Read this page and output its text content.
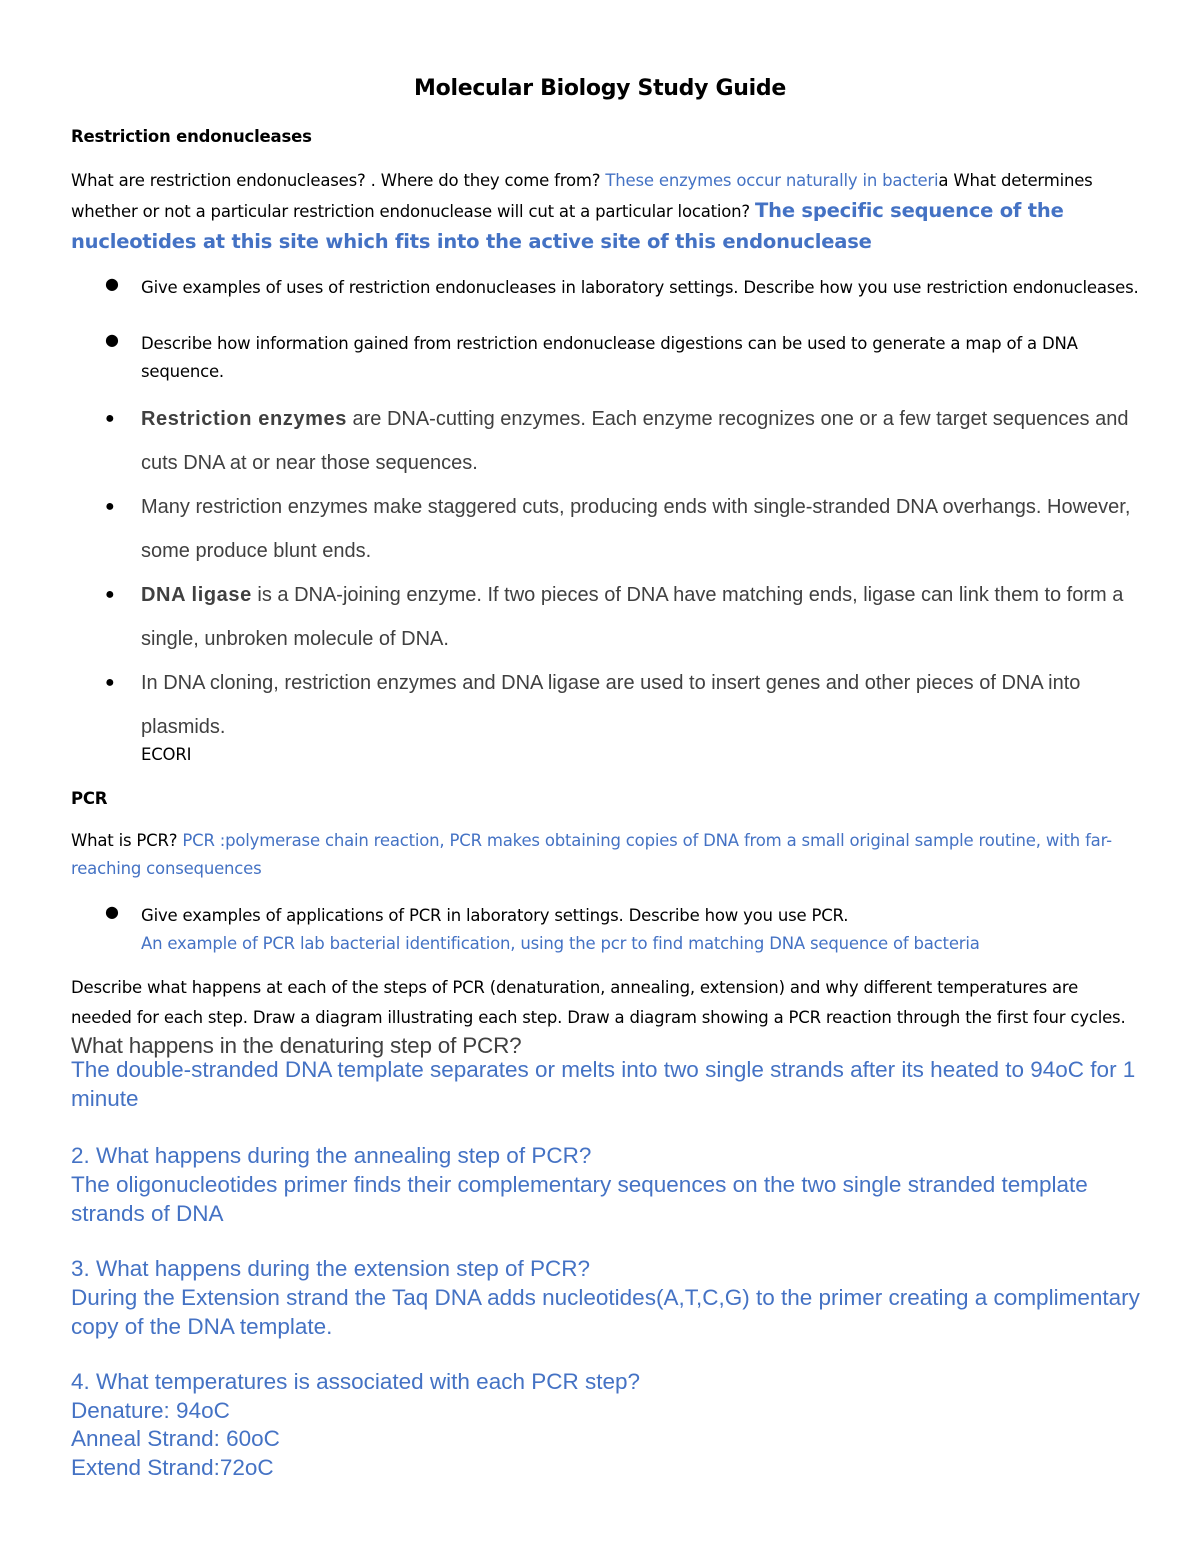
Molecular Biology Study Guide
Restriction endonucleases
What are restriction endonucleases? . Where do they come from? These enzymes occur naturally in bacteria What determines whether or not a particular restriction endonuclease will cut at a particular location? The specific sequence of the nucleotides at this site which fits into the active site of this endonuclease
● Give examples of uses of restriction endonucleases in laboratory settings. Describe how you use restriction endonucleases.
● Describe how information gained from restriction endonuclease digestions can be used to generate a map of a DNA sequence.
● Restriction enzymes are DNA-cutting enzymes. Each enzyme recognizes one or a few target sequences and cuts DNA at or near those sequences.
● Many restriction enzymes make staggered cuts, producing ends with single-stranded DNA overhangs. However, some produce blunt ends.
● DNA ligase is a DNA-joining enzyme. If two pieces of DNA have matching ends, ligase can link them to form a single, unbroken molecule of DNA.
● In DNA cloning, restriction enzymes and DNA ligase are used to insert genes and other pieces of DNA into plasmids.
ECORI
PCR
What is PCR? PCR :polymerase chain reaction, PCR makes obtaining copies of DNA from a small original sample routine, with far-reaching consequences
● Give examples of applications of PCR in laboratory settings. Describe how you use PCR.
An example of PCR lab bacterial identification, using the pcr to find matching DNA sequence of bacteria
Describe what happens at each of the steps of PCR (denaturation, annealing, extension) and why different temperatures are needed for each step. Draw a diagram illustrating each step. Draw a diagram showing a PCR reaction through the first four cycles. What happens in the denaturing step of PCR?
The double-stranded DNA template separates or melts into two single strands after its heated to 94oC for 1 minute
2. What happens during the annealing step of PCR?
The oligonucleotides primer finds their complementary sequences on the two single stranded template strands of DNA
3. What happens during the extension step of PCR?
During the Extension strand the Taq DNA adds nucleotides(A,T,C,G) to the primer creating a complimentary copy of the DNA template.
4. What temperatures is associated with each PCR step?
Denature: 94oC
Anneal Strand: 60oC
Extend Strand:72oC
